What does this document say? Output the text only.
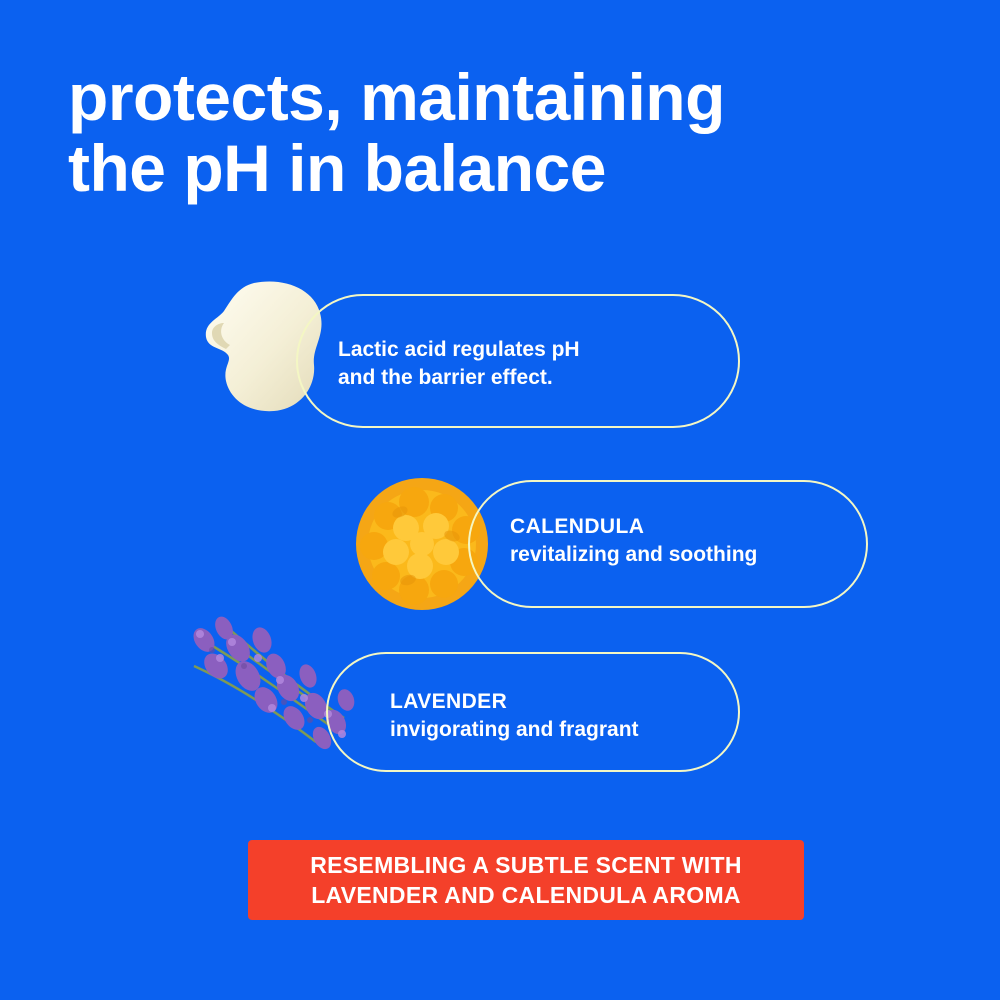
protects, maintaining
the pH in balance
Lactic acid regulates pH
and the barrier effect.
CALENDULA
revitalizing and soothing
LAVENDER
invigorating and fragrant
RESEMBLING A SUBTLE SCENT WITH
LAVENDER AND CALENDULA AROMA
